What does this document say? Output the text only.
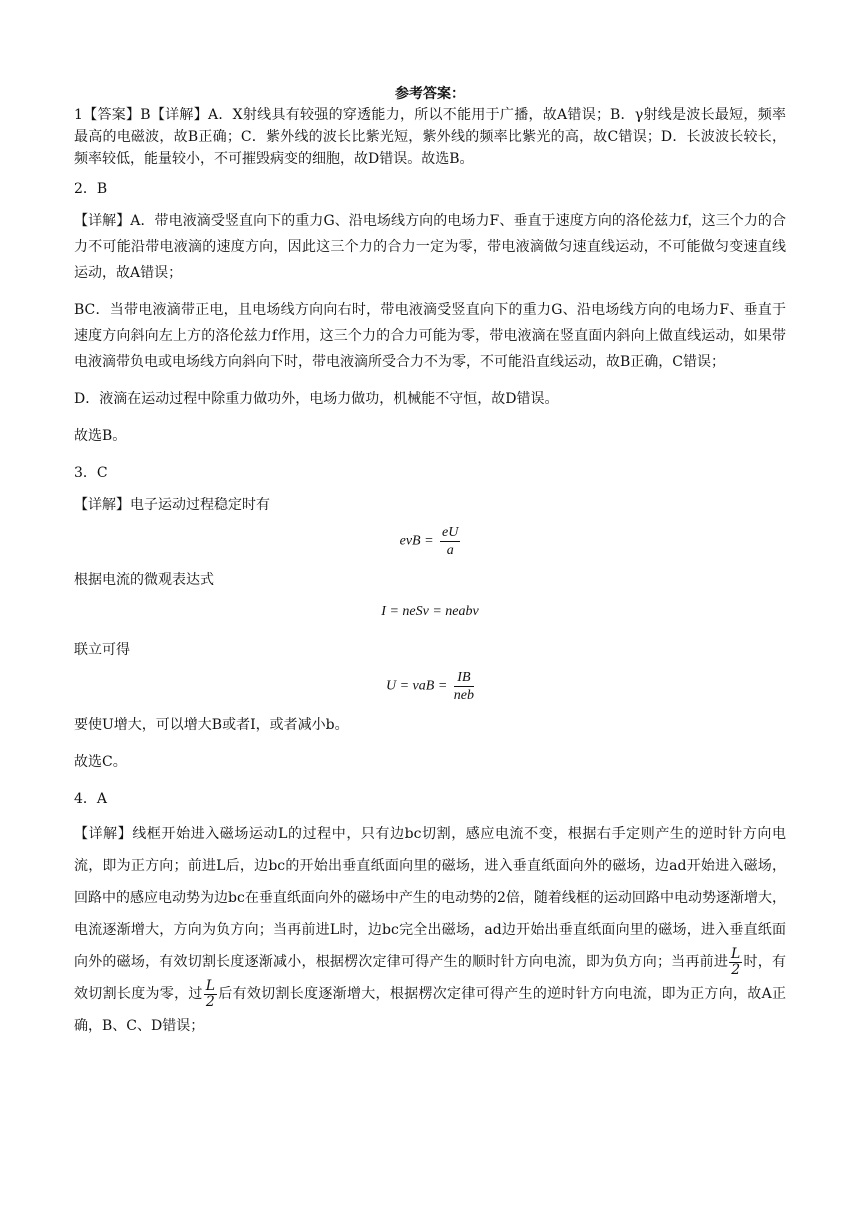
参考答案：

1【答案】B【详解】A．X射线具有较强的穿透能力，所以不能用于广播，故A错误；B．γ射线是波长最短，频率最高的电磁波，故B正确；C．紫外线的波长比紫光短，紫外线的频率比紫光的高，故C错误；D．长波波长较长，频率较低，能量较小，不可摧毁病变的细胞，故D错误。故选B。

2．B

【详解】A．带电液滴受竖直向下的重力G、沿电场线方向的电场力F、垂直于速度方向的洛伦兹力f，这三个力的合力不可能沿带电液滴的速度方向，因此这三个力的合力一定为零，带电液滴做匀速直线运动，不可能做匀变速直线运动，故A错误；

BC．当带电液滴带正电，且电场线方向向右时，带电液滴受竖直向下的重力G、沿电场线方向的电场力F、垂直于速度方向斜向左上方的洛伦兹力f作用，这三个力的合力可能为零，带电液滴在竖直面内斜向上做直线运动，如果带电液滴带负电或电场线方向斜向下时，带电液滴所受合力不为零，不可能沿直线运动，故B正确，C错误；

D．液滴在运动过程中除重力做功外，电场力做功，机械能不守恒，故D错误。

故选B。

3．C

【详解】电子运动过程稳定时有

evB = $\frac{eU}{a}$

根据电流的微观表达式

I = neSv = neabv

联立可得

U = vaB = $\frac{IB}{\text{neb}}$

要使U增大，可以增大B或者I，或者减小b。

故选C。

4．A

【详解】线框开始进入磁场运动L的过程中，只有边bc切割，感应电流不变，根据右手定则产生的逆时针方向电流，即为正方向；前进L后，边bc的开始出垂直纸面向里的磁场，进入垂直纸面向外的磁场，边ad开始进入磁场，回路中的感应电动势为边bc在垂直纸面向外的磁场中产生的电动势的2倍，随着线框的运动回路中电动势逐渐增大，电流逐渐增大，方向为负方向；当再前进L时，边bc完全出磁场，ad边开始出垂直纸面向里的磁场，进入垂直纸面向外的磁场，有效切割长度逐渐减小，根据楞次定律可得产生的顺时针方向电流，即为负方向；当再前进 $\frac{L}{2}$ 时，有效切割长度为零，过 $\frac{L}{2}$ 后有效切割长度逐渐增大，根据楞次定律可得产生的逆时针方向电流，即为正方向，故A正确，B、C、D错误；
